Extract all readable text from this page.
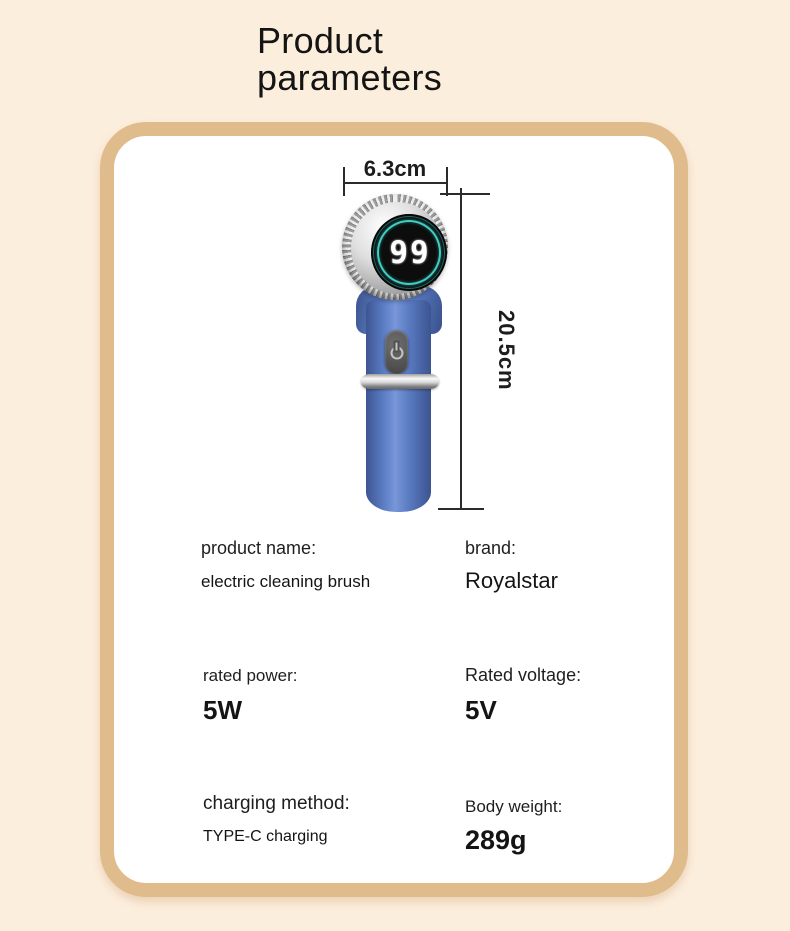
Product
parameters
6.3cm
20.5cm
99
product name:
electric cleaning brush
brand:
Royalstar
rated power:
5W
Rated voltage:
5V
charging method:
TYPE-C charging
Body weight:
289g
